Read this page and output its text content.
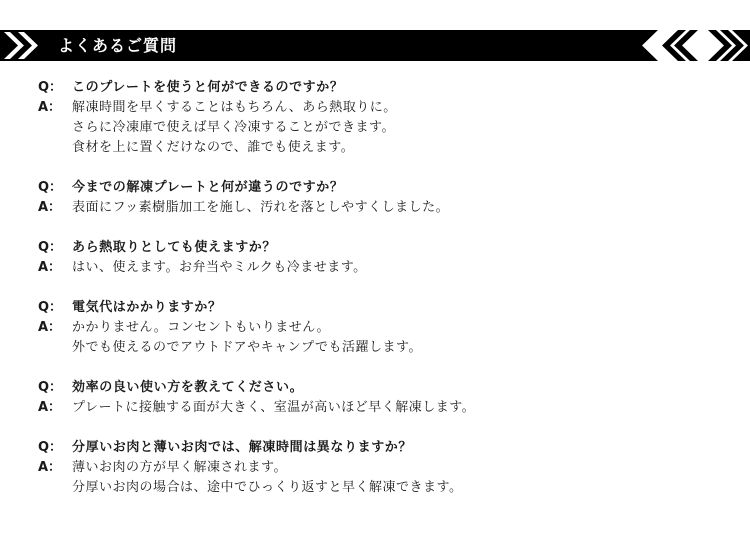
よくあるご質問
Q： このプレートを使うと何ができるのですか？
A： 解凍時間を早くすることはもちろん、あら熱取りに。
さらに冷凍庫で使えば早く冷凍することができます。
食材を上に置くだけなので、誰でも使えます。
Q： 今までの解凍プレートと何が違うのですか？
A： 表面にフッ素樹脂加工を施し、汚れを落としやすくしました。
Q： あら熱取りとしても使えますか？
A： はい、使えます。お弁当やミルクも冷ませます。
Q： 電気代はかかりますか？
A： かかりません。コンセントもいりません。
外でも使えるのでアウトドアやキャンプでも活躍します。
Q： 効率の良い使い方を教えてください。
A： プレートに接触する面が大きく、室温が高いほど早く解凍します。
Q： 分厚いお肉と薄いお肉では、解凍時間は異なりますか？
A： 薄いお肉の方が早く解凍されます。
分厚いお肉の場合は、途中でひっくり返すと早く解凍できます。
